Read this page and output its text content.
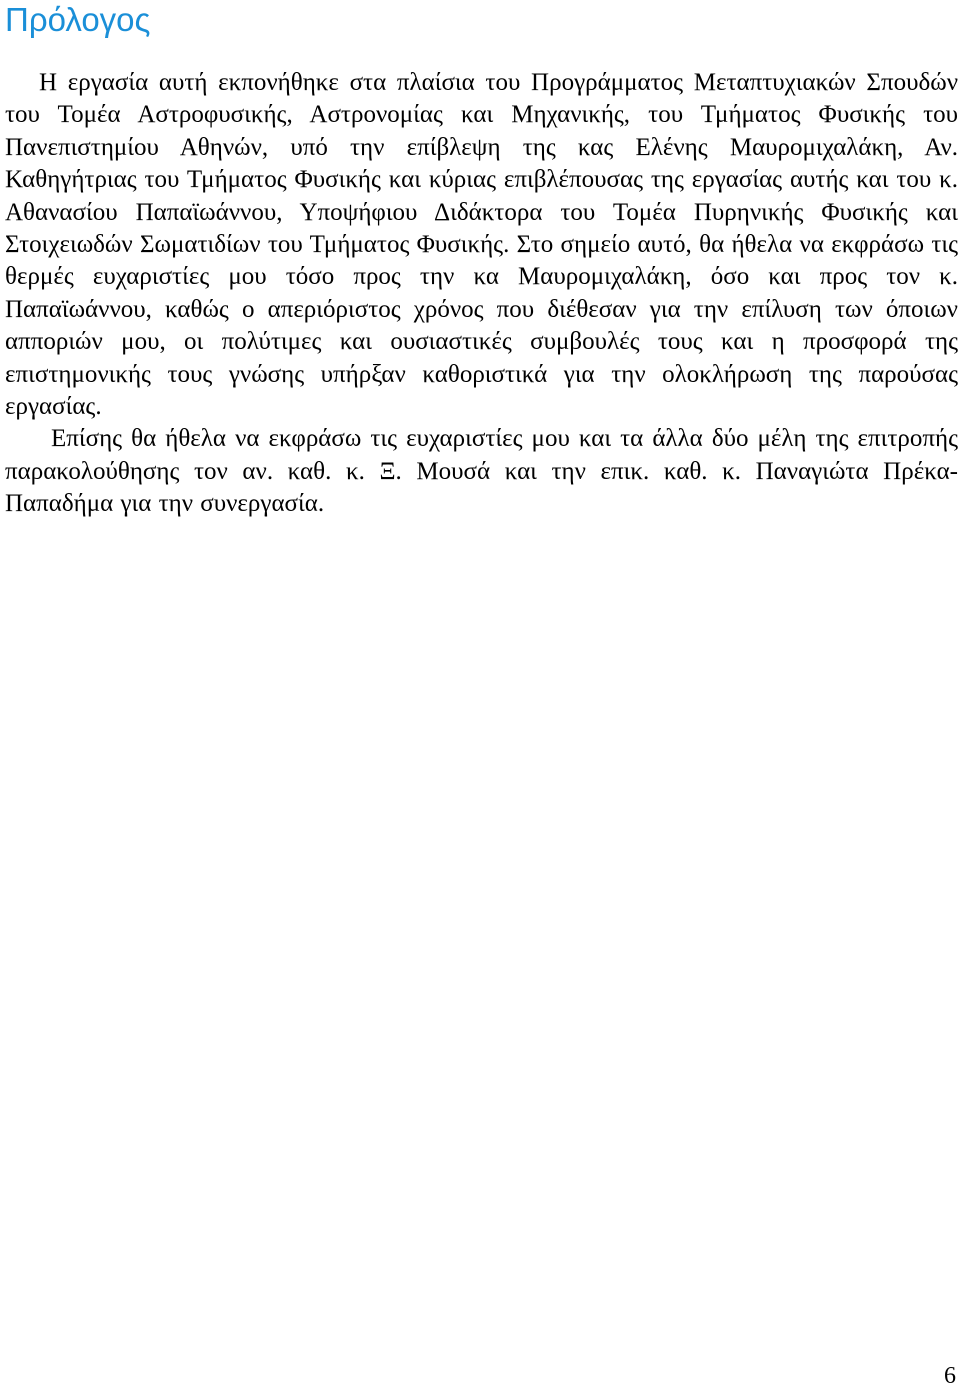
Πρόλογος

Η εργασία αυτή εκπονήθηκε στα πλαίσια του Προγράμματος Μεταπτυχιακών Σπουδών του Τομέα Αστροφυσικής, Αστρονομίας και Μηχανικής, του Τμήματος Φυσικής του Πανεπιστημίου Αθηνών, υπό την επίβλεψη της κας Ελένης Μαυρομιχαλάκη, Αν. Καθηγήτριας του Τμήματος Φυσικής και κύριας επιβλέπουσας της εργασίας αυτής και του κ. Αθανασίου Παπαϊωάννου, Υποψήφιου Διδάκτορα του Τομέα Πυρηνικής Φυσικής και Στοιχειωδών Σωματιδίων του Τμήματος Φυσικής. Στο σημείο αυτό, θα ήθελα να εκφράσω τις θερμές ευχαριστίες μου τόσο προς την κα Μαυρομιχαλάκη, όσο και προς τον κ. Παπαϊωάννου, καθώς ο απεριόριστος χρόνος που διέθεσαν για την επίλυση των όποιων απποριών μου, οι πολύτιμες και ουσιαστικές συμβουλές τους και η προσφορά της επιστημονικής τους γνώσης υπήρξαν καθοριστικά για την ολοκλήρωση της παρούσας εργασίας.

Επίσης θα ήθελα να εκφράσω τις ευχαριστίες μου και τα άλλα δύο μέλη της επιτροπής παρακολούθησης τον αν. καθ. κ. Ξ. Μουσά και την επικ. καθ. κ. Παναγιώτα Πρέκα-Παπαδήμα για την συνεργασία.

6
